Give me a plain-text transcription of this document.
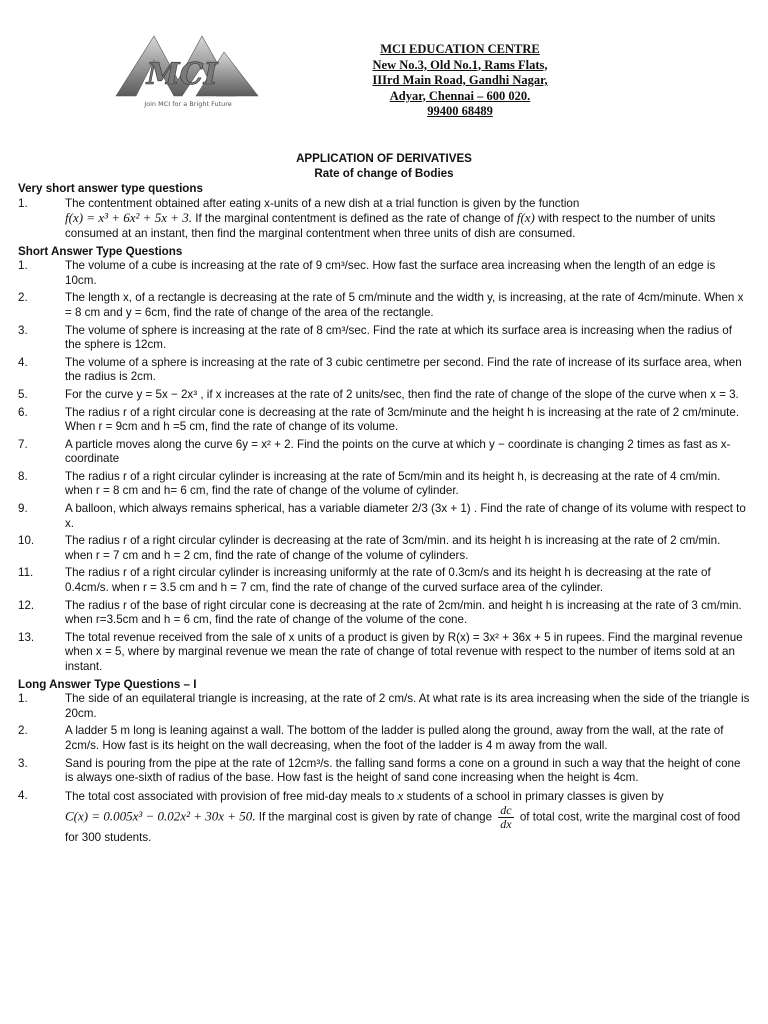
MCI
Join MCI for a Bright Future
MCI EDUCATION CENTRE
New No.3, Old No.1, Rams Flats,
IIIrd Main Road, Gandhi Nagar,
Adyar, Chennai – 600 020.
99400 68489
APPLICATION OF DERIVATIVES
Rate of change of Bodies
Very short answer type questions
1.	The contentment obtained after eating x-units of a new dish at a trial function is given by the function
f(x) = x³ + 6x² + 5x + 3. If the marginal contentment is defined as the rate of change of f(x) with respect to the number of units consumed at an instant, then find the marginal contentment when three units of dish are consumed.
Short Answer Type Questions
1.	The volume of a cube is increasing at the rate of 9 cm³/sec. How fast the surface area increasing when the length of an edge is 10cm.
2.	The length x, of a rectangle is decreasing at the rate of 5 cm/minute and the width y, is increasing, at the rate of 4cm/minute. When x = 8 cm and y = 6cm, find the rate of change of the area of the rectangle.
3.	The volume of sphere is increasing at the rate of 8 cm³/sec. Find the rate at which its surface area is increasing when the radius of the sphere is 12cm.
4.	The volume of a sphere is increasing at the rate of 3 cubic centimetre per second. Find the rate of increase of its surface area, when the radius is 2cm.
5.	For the curve y = 5x − 2x³ , if x increases at the rate of 2 units/sec, then find the rate of change of the slope of the curve when x = 3.
6.	The radius r of a right circular cone is decreasing at the rate of 3cm/minute and the height h is increasing at the rate of 2 cm/minute. When r = 9cm and h =5 cm, find the rate of change of its volume.
7.	A particle moves along the curve 6y = x² + 2. Find the points on the curve at which y − coordinate is changing 2 times as fast as x-coordinate
8.	The radius r of a right circular cylinder is increasing at the rate of 5cm/min and its height h, is decreasing at the rate of 4 cm/min. when r = 8 cm and h= 6 cm, find the rate of change of the volume of cylinder.
9.	A balloon, which always remains spherical, has a variable diameter 2/3 (3x + 1) . Find the rate of change of its volume with respect to x.
10.	The radius r of a right circular cylinder is decreasing at the rate of 3cm/min. and its height h is increasing at the rate of 2 cm/min. when r = 7 cm and h = 2 cm, find the rate of change of the volume of cylinders.
11.	The radius r of a right circular cylinder is increasing uniformly at the rate of 0.3cm/s and its height h is decreasing at the rate of 0.4cm/s. when r = 3.5 cm and h = 7 cm, find the rate of change of the curved surface area of the cylinder.
12.	The radius r of the base of right circular cone is decreasing at the rate of 2cm/min. and height h is increasing at the rate of 3 cm/min. when r=3.5cm and h = 6 cm, find the rate of change of the volume of the cone.
13.	The total revenue received from the sale of x units of a product is given by R(x) = 3x² + 36x + 5 in rupees. Find the marginal revenue when x = 5, where by marginal revenue we mean the rate of change of total revenue with respect to the number of items sold at an instant.
Long Answer Type Questions – I
1.	The side of an equilateral triangle is increasing, at the rate of 2 cm/s. At what rate is its area increasing when the side of the triangle is 20cm.
2.	A ladder 5 m long is leaning against a wall. The bottom of the ladder is pulled along the ground, away from the wall, at the rate of 2cm/s. How fast is its height on the wall decreasing, when the foot of the ladder is 4 m away from the wall.
3.	Sand is pouring from the pipe at the rate of 12cm³/s. the falling sand forms a cone on a ground in such a way that the height of cone is always one-sixth of radius of the base. How fast is the height of sand cone increasing when the height is 4cm.
4.	The total cost associated with provision of free mid-day meals to x students of a school in primary classes is given by
C(x) = 0.005x³ − 0.02x² + 30x + 50. If the marginal cost is given by rate of change $\frac{dc}{dx}$ of total cost, write the marginal cost of food for 300 students.
